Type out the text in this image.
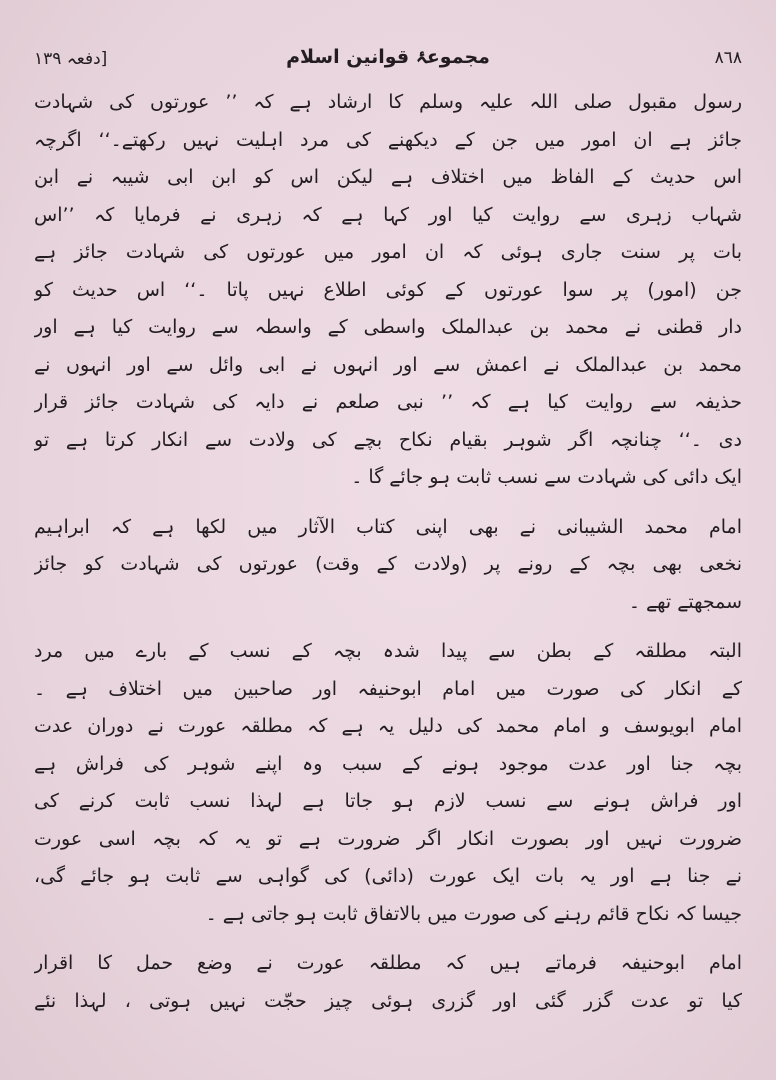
۸٦٨
مجموعۂ قوانین اسلام
[دفعہ ۱۳۹
رسول مقبول صلی اللہ علیہ وسلم کا ارشاد ہے کہ ’’ عورتوں کی شہادت
جائز ہے ان امور میں جن کے دیکھنے کی مرد اہلیت نہیں رکھتے۔‘‘ اگرچہ
اس حدیث کے الفاظ میں اختلاف ہے لیکن اس کو ابن ابی شیبہ نے ابن
شہاب زہری سے روایت کیا اور کہا ہے کہ زہری نے فرمایا کہ ’’اس
بات پر سنت جاری ہوئی کہ ان امور میں عورتوں کی شہادت جائز ہے
جن (امور) پر سوا عورتوں کے کوئی اطلاع نہیں پاتا ۔‘‘ اس حدیث کو
دار قطنی نے محمد بن عبدالملک واسطی کے واسطہ سے روایت کیا ہے اور
محمد بن عبدالملک نے اعمش سے اور انہوں نے ابی وائل سے اور انہوں نے
حذیفہ سے روایت کیا ہے کہ ’’ نبی صلعم نے دایہ کی شہادت جائز قرار
دی ۔‘‘ چنانچہ اگر شوہر بقیام نکاح بچے کی ولادت سے انکار کرتا ہے تو
ایک دائی کی شہادت سے نسب ثابت ہو جائے گا ۔
امام محمد الشیبانی نے بھی اپنی کتاب الآثار میں لکھا ہے کہ ابراہیم
نخعی بھی بچہ کے رونے پر (ولادت کے وقت) عورتوں کی شہادت کو جائز
سمجھتے تھے ۔
البتہ مطلقہ کے بطن سے پیدا شدہ بچہ کے نسب کے بارے میں مرد
کے انکار کی صورت میں امام ابوحنیفہ اور صاحبین میں اختلاف ہے ۔
امام ابویوسف و امام محمد کی دلیل یہ ہے کہ مطلقہ عورت نے دوران عدت
بچہ جنا اور عدت موجود ہونے کے سبب وہ اپنے شوہر کی فراش ہے
اور فراش ہونے سے نسب لازم ہو جاتا ہے لہذا نسب ثابت کرنے کی
ضرورت نہیں اور بصورت انکار اگر ضرورت ہے تو یہ کہ بچہ اسی عورت
نے جنا ہے اور یہ بات ایک عورت (دائی) کی گواہی سے ثابت ہو جائے گی،
جیسا کہ نکاح قائم رہنے کی صورت میں بالاتفاق ثابت ہو جاتی ہے ۔
امام ابوحنیفہ فرماتے ہیں کہ مطلقہ عورت نے وضع حمل کا اقرار
کیا تو عدت گزر گئی اور گزری ہوئی چیز حجّت نہیں ہوتی ، لہذا نئے
